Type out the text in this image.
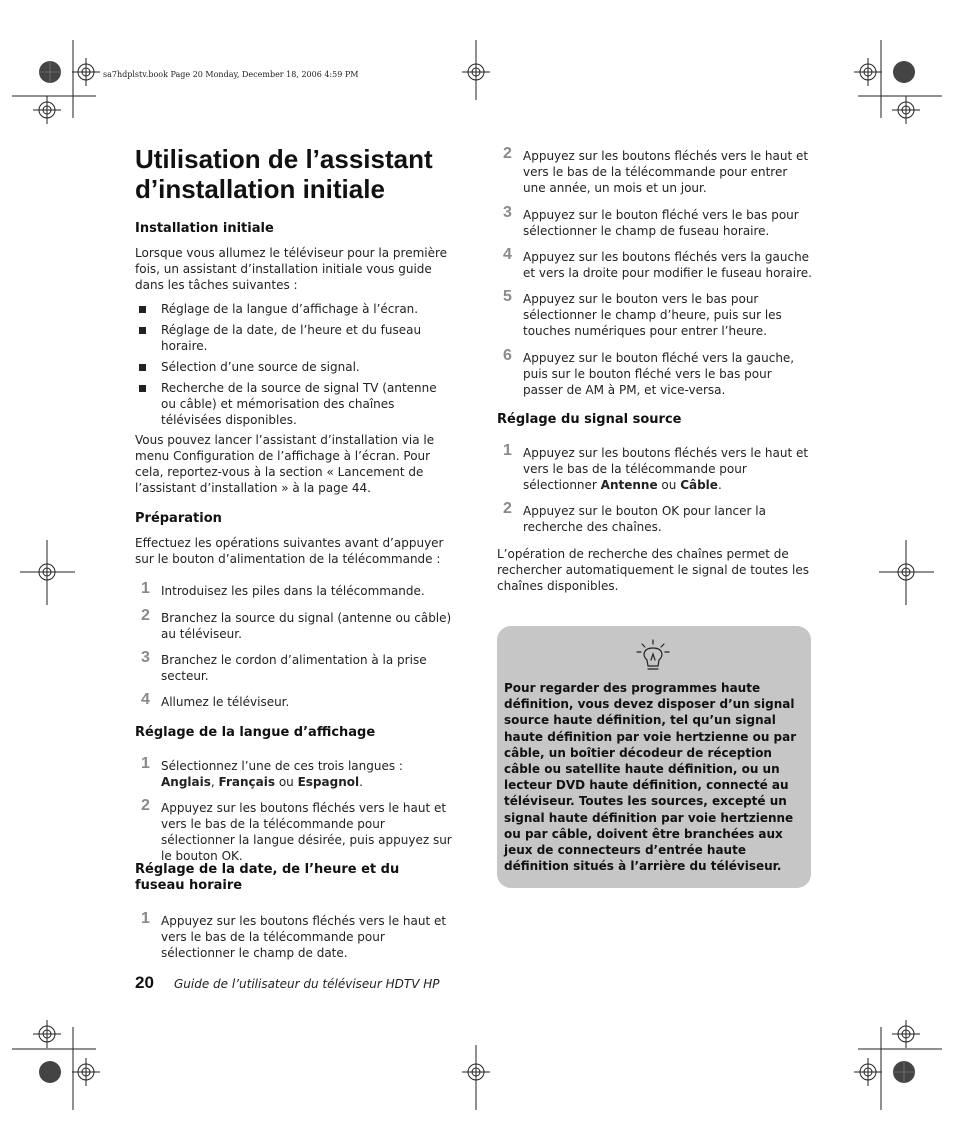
sa7hdplstv.book Page 20 Monday, December 18, 2006 4:59 PM
Utilisation de l’assistant d’installation initiale
Installation initiale

Lorsque vous allumez le téléviseur pour la première fois, un assistant d’installation initiale vous guide dans les tâches suivantes :

Réglage de la langue d’affichage à l’écran.
Réglage de la date, de l’heure et du fuseau horaire.
Sélection d’une source de signal.
Recherche de la source de signal TV (antenne ou câble) et mémorisation des chaînes télévisées disponibles.

Vous pouvez lancer l’assistant d’installation via le menu Configuration de l’affichage à l’écran. Pour cela, reportez-vous à la section « Lancement de l’assistant d’installation » à la page 44.

Préparation

Effectuez les opérations suivantes avant d’appuyer sur le bouton d’alimentation de la télécommande :

1 Introduisez les piles dans la télécommande.
2 Branchez la source du signal (antenne ou câble) au téléviseur.
3 Branchez le cordon d’alimentation à la prise secteur.
4 Allumez le téléviseur.
Réglage de la langue d’affichage
1 Sélectionnez l’une de ces trois langues : Anglais, Français ou Espagnol.
2 Appuyez sur les boutons fléchés vers le haut et vers le bas de la télécommande pour sélectionner la langue désirée, puis appuyez sur le bouton OK.
Réglage de la date, de l’heure et du fuseau horaire
1 Appuyez sur les boutons fléchés vers le haut et vers le bas de la télécommande pour sélectionner le champ de date.
2 Appuyez sur les boutons fléchés vers le haut et vers le bas de la télécommande pour entrer une année, un mois et un jour.
3 Appuyez sur le bouton fléché vers le bas pour sélectionner le champ de fuseau horaire.
4 Appuyez sur les boutons fléchés vers la gauche et vers la droite pour modifier le fuseau horaire.
5 Appuyez sur le bouton vers le bas pour sélectionner le champ d’heure, puis sur les touches numériques pour entrer l’heure.
6 Appuyez sur le bouton fléché vers la gauche, puis sur le bouton fléché vers le bas pour passer de AM à PM, et vice-versa.
Réglage du signal source
1 Appuyez sur les boutons fléchés vers le haut et vers le bas de la télécommande pour sélectionner Antenne ou Câble.
2 Appuyez sur le bouton OK pour lancer la recherche des chaînes.

L’opération de recherche des chaînes permet de rechercher automatiquement le signal de toutes les chaînes disponibles.

Pour regarder des programmes haute définition, vous devez disposer d’un signal source haute définition, tel qu’un signal haute définition par voie hertzienne ou par câble, un boîtier décodeur de réception câble ou satellite haute définition, ou un lecteur DVD haute définition, connecté au téléviseur. Toutes les sources, excepté un signal haute définition par voie hertzienne ou par câble, doivent être branchées aux jeux de connecteurs d’entrée haute définition situés à l’arrière du téléviseur.
20 Guide de l’utilisateur du téléviseur HDTV HP
